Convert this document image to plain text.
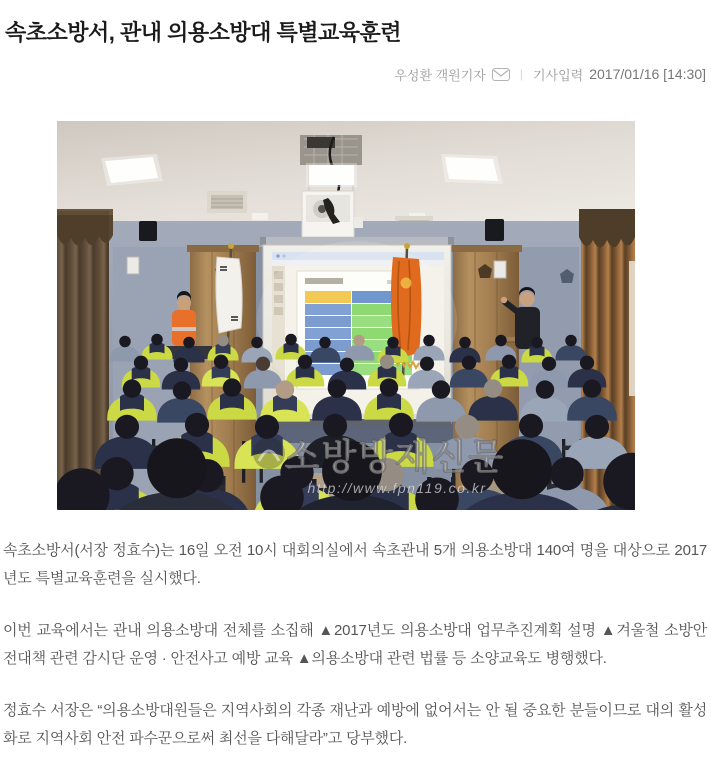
속초소방서, 관내 의용소방대 특별교육훈련
우성환 객원기자	| 기사입력 2017/01/16 [14:30]
소방방재신문
http://www.fpn119.co.kr

속초소방서(서장 정효수)는 16일 오전 10시 대회의실에서 속초관내 5개 의용소방대 140여 명을 대상으로 2017년도 특별교육훈련을 실시했다.

이번 교육에서는 관내 의용소방대 전체를 소집해 ▲2017년도 의용소방대 업무추진계획 설명 ▲겨울철 소방안전대책 관련 감시단 운영 · 안전사고 예방 교육 ▲의용소방대 관련 법률 등 소양교육도 병행했다.

정효수 서장은 “의용소방대원들은 지역사회의 각종 재난과 예방에 없어서는 안 될 중요한 분들이므로 대의 활성화로 지역사회 안전 파수꾼으로써 최선을 다해달라”고 당부했다.
